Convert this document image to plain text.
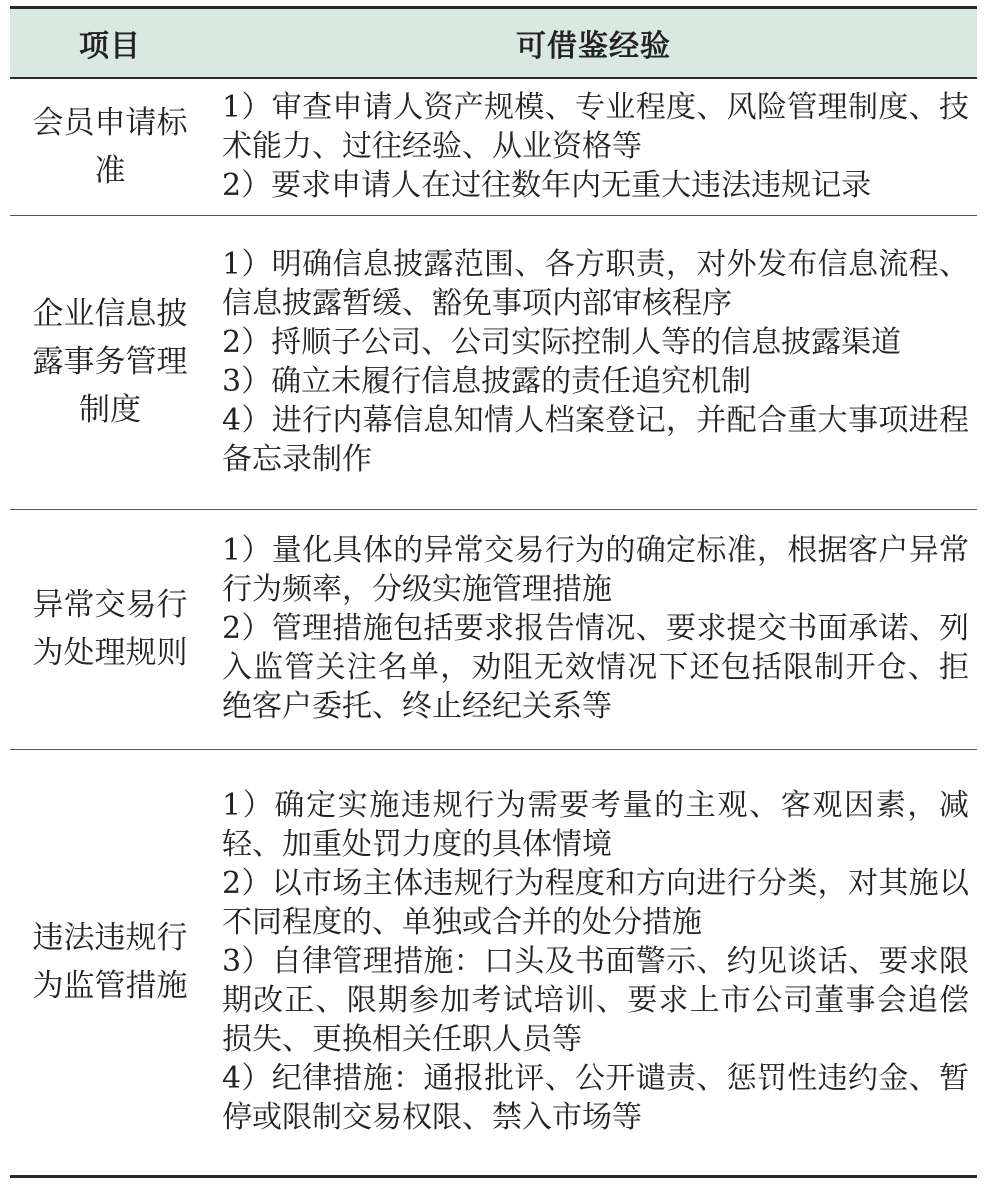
项目	可借鉴经验

会员申请标准	1）审查申请人资产规模、专业程度、风险管理制度、技术能力、过往经验、从业资格等
2）要求申请人在过往数年内无重大违法违规记录

企业信息披露事务管理制度	1）明确信息披露范围、各方职责，对外发布信息流程、信息披露暂缓、豁免事项内部审核程序
2）捋顺子公司、公司实际控制人等的信息披露渠道
3）确立未履行信息披露的责任追究机制
4）进行内幕信息知情人档案登记，并配合重大事项进程备忘录制作

异常交易行为处理规则	1）量化具体的异常交易行为的确定标准，根据客户异常行为频率，分级实施管理措施
2）管理措施包括要求报告情况、要求提交书面承诺、列入监管关注名单，劝阻无效情况下还包括限制开仓、拒绝客户委托、终止经纪关系等

违法违规行为监管措施	1）确定实施违规行为需要考量的主观、客观因素，减轻、加重处罚力度的具体情境
2）以市场主体违规行为程度和方向进行分类，对其施以不同程度的、单独或合并的处分措施
3）自律管理措施：口头及书面警示、约见谈话、要求限期改正、限期参加考试培训、要求上市公司董事会追偿损失、更换相关任职人员等
4）纪律措施：通报批评、公开谴责、惩罚性违约金、暂停或限制交易权限、禁入市场等
